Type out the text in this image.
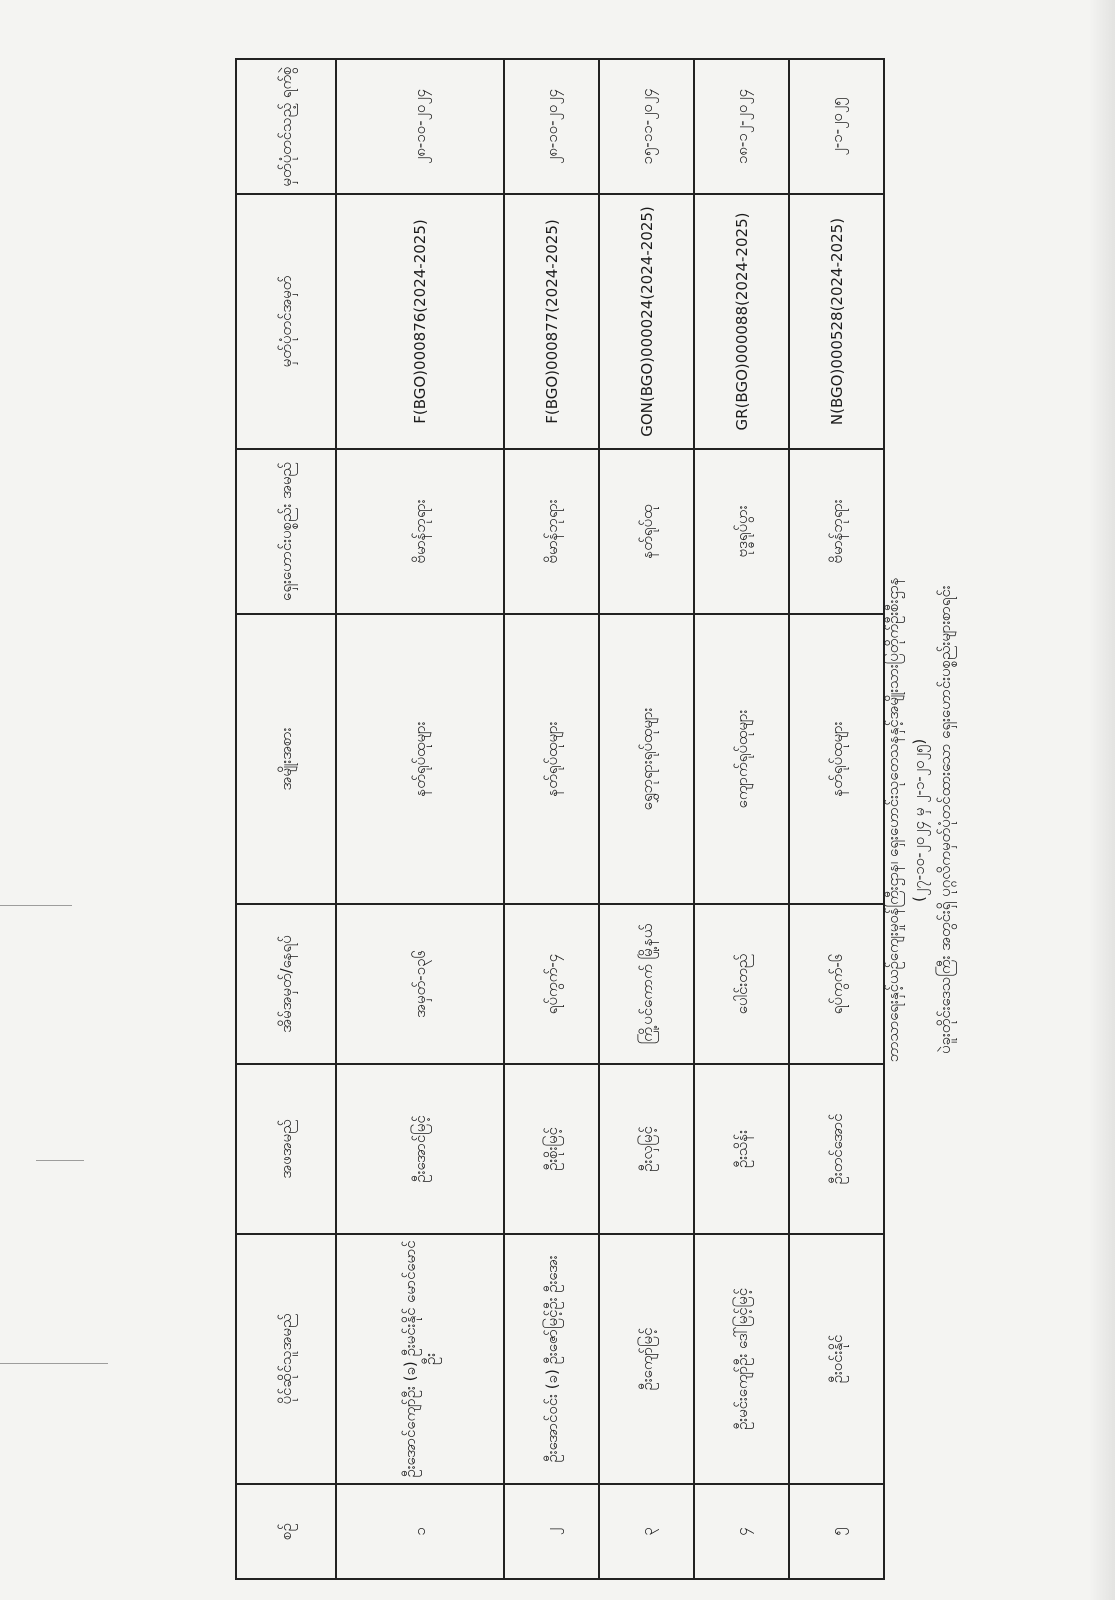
စဉ်	ပိုင်ဆိုင်သူအမည်	အဖအမည်	အိမ်အမှတ်/နေရပ်	အမျိုးအစား	ရှေးဟောင်းပစ္စည်း အမည်	မှတ်ပုံတင်အမှတ်	မှတ်ပုံတင်သည့် ရက်စွဲ
၁	ဦးအောင်ကျော်ဦး (ခ) ဦးမင်းနိုင် မောင်မောင်ဦး	ဦးအောင်မြင့်	အမှတ်-၁၃၆	နတ်ရုပ်ထုများ	ဗိမာန်ဘုရား	F(BGO)000876(2024-2025)	၂၈-၁၀-၂၀၂၄
၂	ဦးအောင်ဝင်း (ခ) ဦးဇော်မြင့်ဦး ဦးအေး	ဦးစိုးမြင့်	ရပ်ကွက်-၄	နတ်ရုပ်ထုများ	ဗိမာန်ဘုရား	F(BGO)000877(2024-2025)	၂၈-၁၀-၂၀၂၄
၃	ဦးကျော်မြင့်	ဦးလှမြင့်	ကြို့ပင်ကောက် မြို့နယ်	ရွှေဘုရားရုပ်ထုများ	နတ်ရုပ်ထု	GON(BGO)000024(2024-2025)	၁၅-၁၁-၂၀၂၄
၄	ဦးမင်းကျော်ဦး ဒေါ်မြင့်မြင့်	ဦးသိန်း	ပေါင်းတည်	ကျောက်ရုပ်ထုများ	ဗုဒ္ဓရုပ်ပွား	GR(BGO)000088(2024-2025)	၁၈-၁၂-၂၀၂၄
၅	ဦးဝင်းနိုင်	ဦးတင်အောင်	ရပ်ကွက်-၆	နတ်ရုပ်ထုများ	ဗိမာန်ဘုရား	N(BGO)000528(2024-2025)	၂-၁-၂၀၂၅
ဘာသာရေးနှင့်ယဉ်ကျေးမှုဝန်ကြီးဌာန၊ ရှေးဟောင်းသုတေသနနှင့်အမျိုးသားပြတိုက်ဦးစီးဌာန (၂၇-၁၀-၂၀၂၄ မှ ၂-၁-၂၀၂၅) ပဲခူးတိုင်းဒေသကြီး အတွင်းရှိ ပုဂ္ဂလိကမှတ်ပုံတင်ထားသော ရှေးဟောင်းပစ္စည်းများစာရင်း
